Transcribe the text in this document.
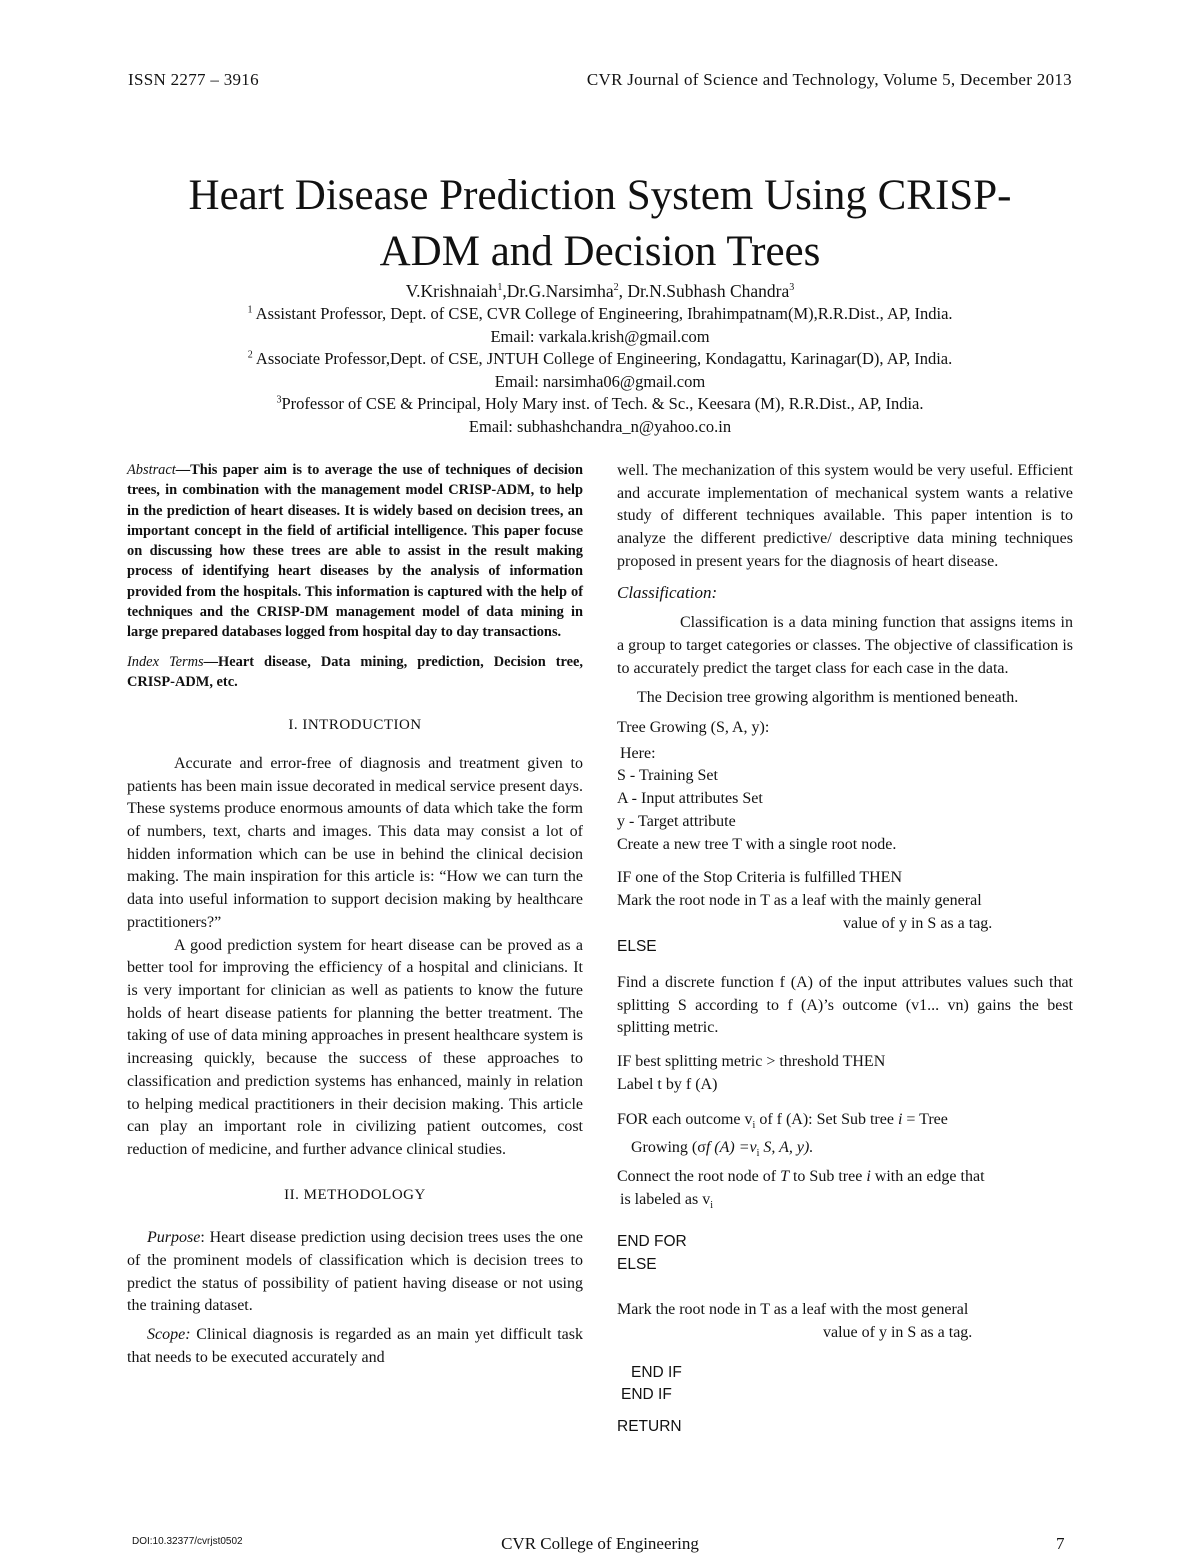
ISSN 2277 – 3916	CVR Journal of Science and Technology, Volume 5, December 2013
Heart Disease Prediction System Using CRISP-
ADM and Decision Trees
V.Krishnaiah$^1$,Dr.G.Narsimha$^2$, Dr.N.Subhash Chandra$^3$
$^1$ Assistant Professor, Dept. of CSE, CVR College of Engineering, Ibrahimpatnam(M),R.R.Dist., AP, India.
Email: varkala.krish@gmail.com
$^2$ Associate Professor,Dept. of CSE, JNTUH College of Engineering, Kondagattu, Karinagar(D), AP, India.
Email: narsimha06@gmail.com
$^3$Professor of CSE & Principal, Holy Mary inst. of Tech. & Sc., Keesara (M), R.R.Dist., AP, India.
Email: subhashchandra_n@yahoo.co.in

Abstract—This paper aim is to average the use of techniques of decision trees, in combination with the management model CRISP-ADM, to help in the prediction of heart diseases. It is widely based on decision trees, an important concept in the field of artificial intelligence. This paper focuse on discussing how these trees are able to assist in the result making process of identifying heart diseases by the analysis of information provided from the hospitals. This information is captured with the help of techniques and the CRISP-DM management model of data mining in large prepared databases logged from hospital day to day transactions.

Index Terms—Heart disease, Data mining, prediction, Decision tree, CRISP-ADM, etc.

I. INTRODUCTION

Accurate and error-free of diagnosis and treatment given to patients has been main issue decorated in medical service present days. These systems produce enormous amounts of data which take the form of numbers, text, charts and images. This data may consist a lot of hidden information which can be use in behind the clinical decision making. The main inspiration for this article is: “How we can turn the data into useful information to support decision making by healthcare practitioners?”

A good prediction system for heart disease can be proved as a better tool for improving the efficiency of a hospital and clinicians. It is very important for clinician as well as patients to know the future holds of heart disease patients for planning the better treatment. The taking of use of data mining approaches in present healthcare system is increasing quickly, because the success of these approaches to classification and prediction systems has enhanced, mainly in relation to helping medical practitioners in their decision making. This article can play an important role in civilizing patient outcomes, cost reduction of medicine, and further advance clinical studies.

II. METHODOLOGY

Purpose: Heart disease prediction using decision trees uses the one of the prominent models of classification which is decision trees to predict the status of possibility of patient having disease or not using the training dataset.

Scope: Clinical diagnosis is regarded as an main yet difficult task that needs to be executed accurately and

well. The mechanization of this system would be very useful. Efficient and accurate implementation of mechanical system wants a relative study of different techniques available. This paper intention is to analyze the different predictive/ descriptive data mining techniques proposed in present years for the diagnosis of heart disease.

Classification:

Classification is a data mining function that assigns items in a group to target categories or classes. The objective of classification is to accurately predict the target class for each case in the data.

The Decision tree growing algorithm is mentioned beneath.

Tree Growing (S, A, y):

Here:

S - Training Set

A - Input attributes Set

y - Target attribute

Create a new tree T with a single root node.

IF one of the Stop Criteria is fulfilled THEN

Mark the root node in T as a leaf with the mainly general

value of y in S as a tag.

ELSE

Find a discrete function f (A) of the input attributes values such that splitting S according to f (A)’s outcome (v1... vn) gains the best splitting metric.

IF best splitting metric > threshold THEN

Label t by f (A)

FOR each outcome $v_i$ of f (A): Set Sub tree i = Tree

Growing (σf $(A) =v_i$ S, A, y).

Connect the root node of T to Sub tree i with an edge that

is labeled as $v_i$

END FOR

ELSE

Mark the root node in T as a leaf with the most general

value of y in S as a tag.

END IF

END IF

RETURN

DOI:10.32377/cvrjst0502	CVR College of Engineering	7
